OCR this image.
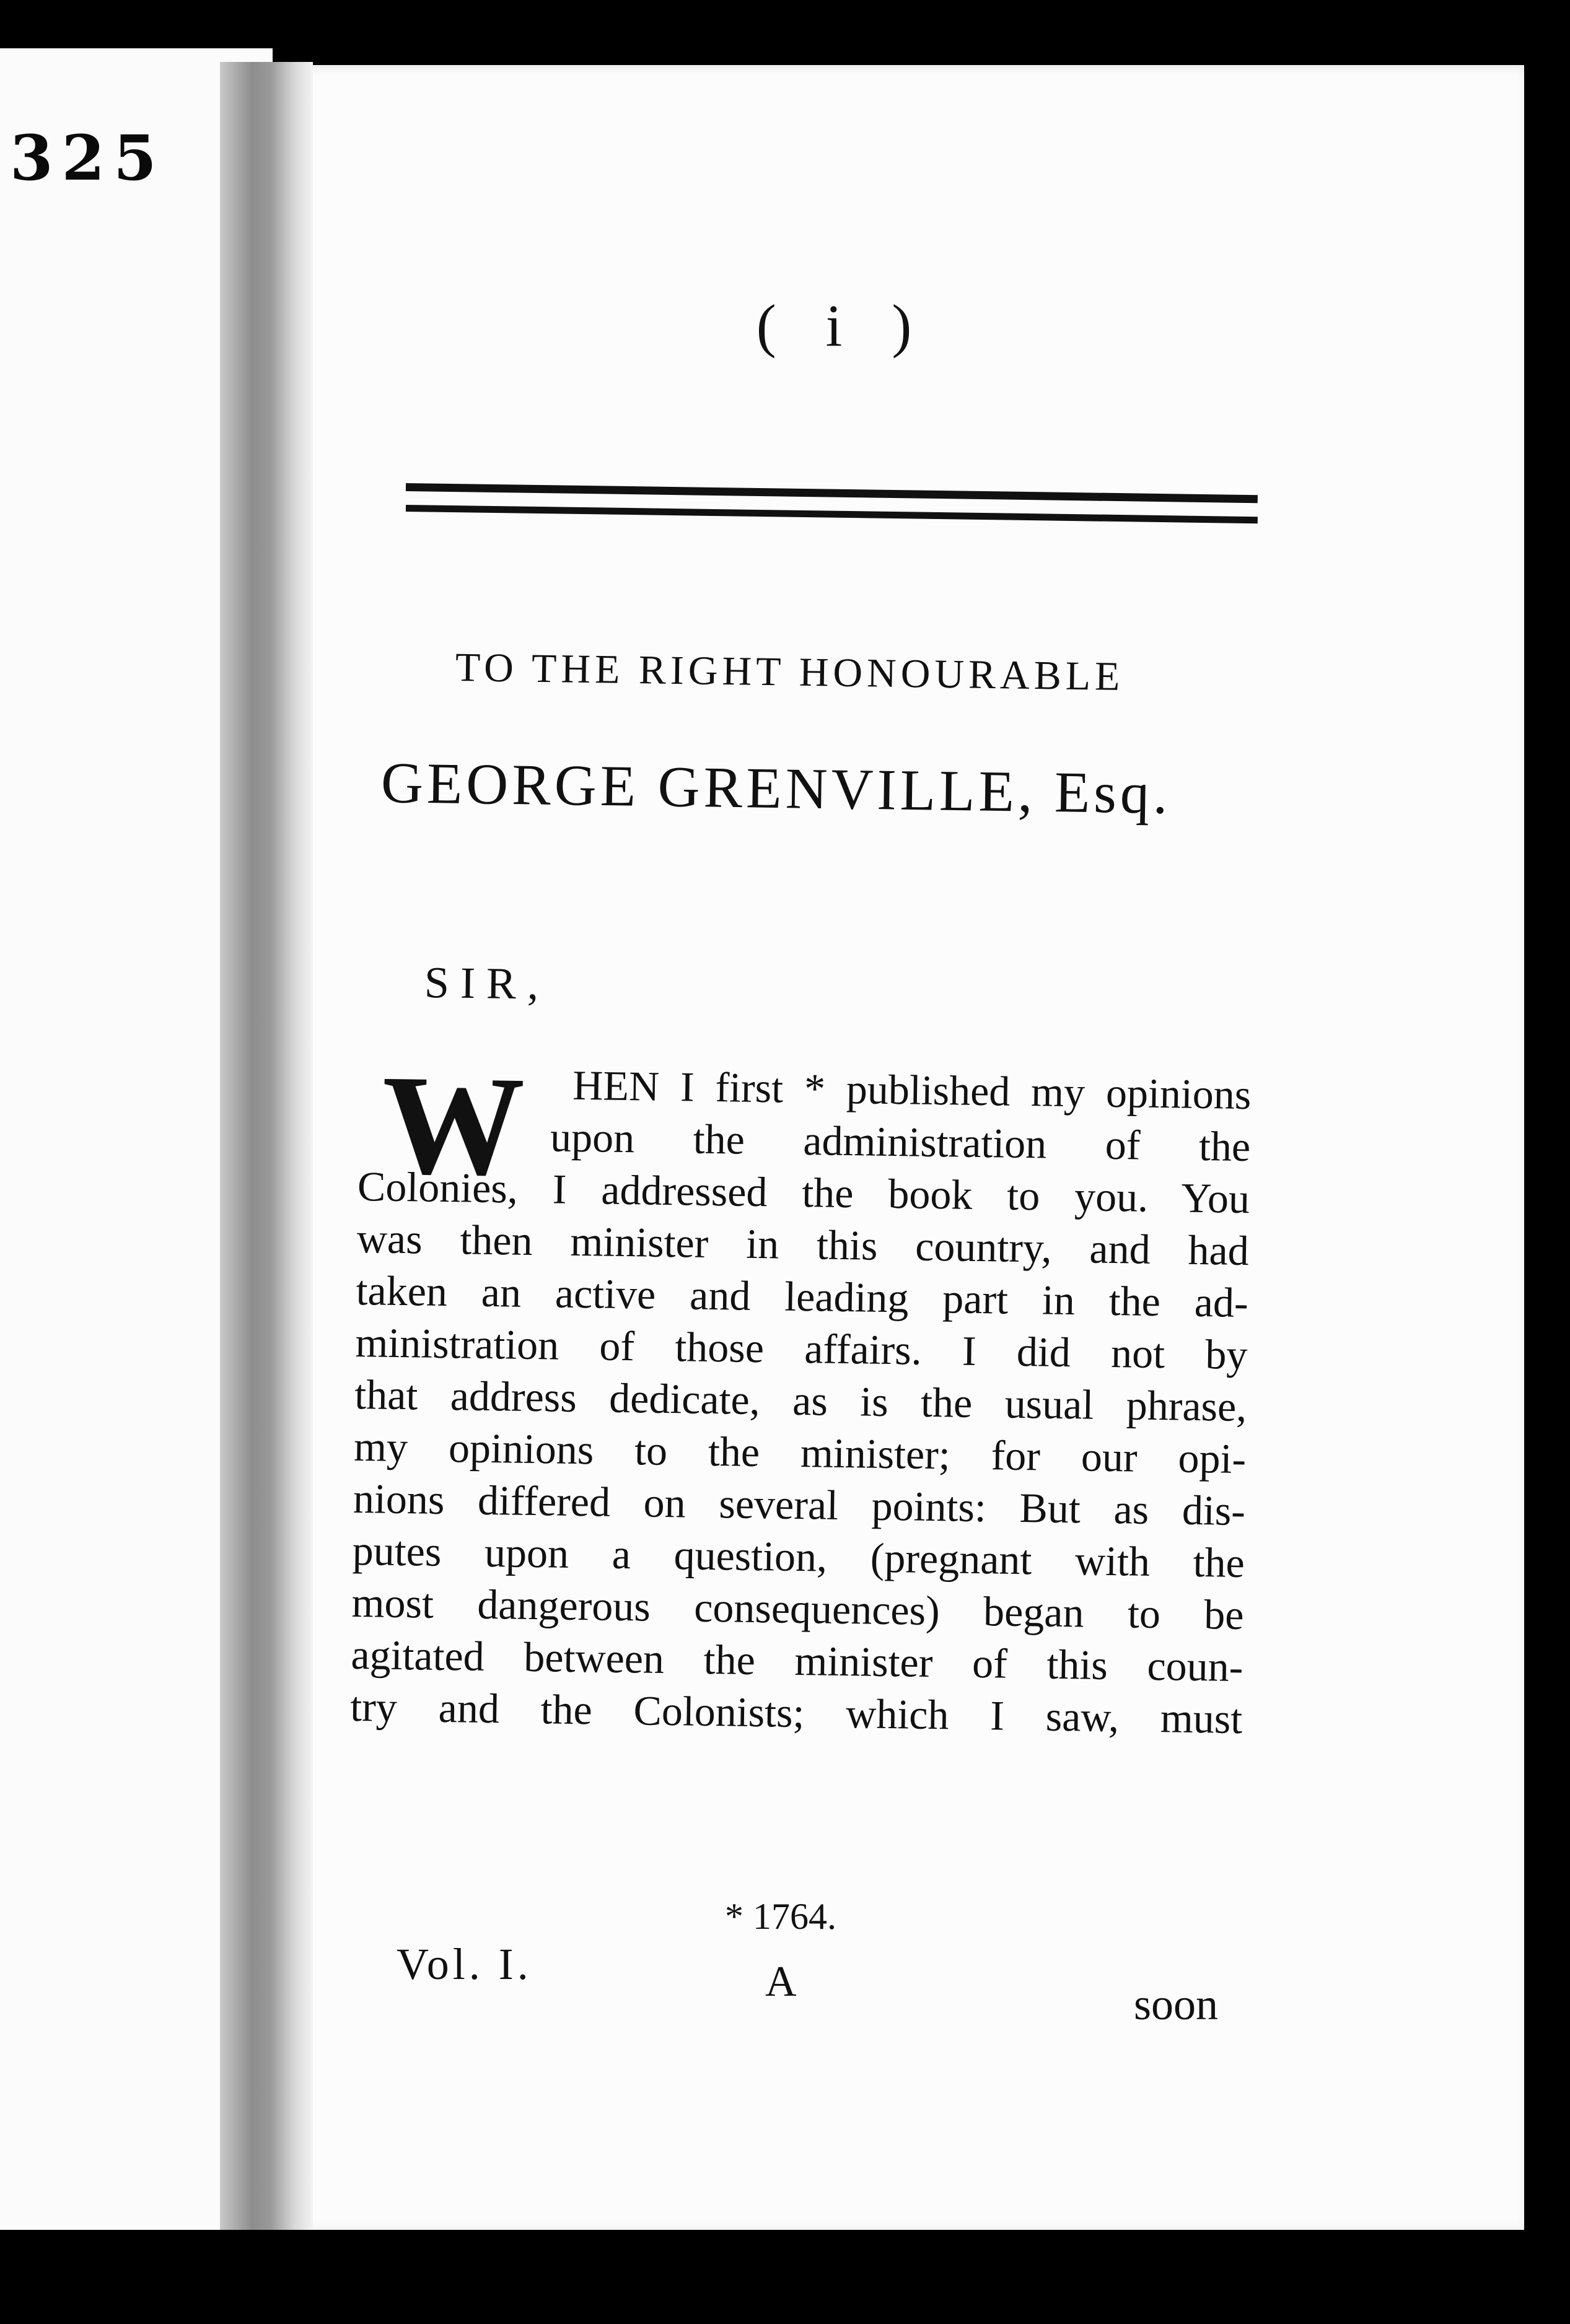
325
( i )
TO THE RIGHT HONOURABLE
GEORGE GRENVILLE, Esq.
SIR,
W HEN I first * published my opinions
upon the administration of the
Colonies, I addressed the book to you. You
was then minister in this country, and had
taken an active and leading part in the ad-
ministration of those affairs. I did not by
that address dedicate, as is the usual phrase,
my opinions to the minister; for our opi-
nions differed on several points: But as dis-
putes upon a question, (pregnant with the
most dangerous consequences) began to be
agitated between the minister of this coun-
try and the Colonists; which I saw, must
* 1764.
Vol. I.	A	soon
